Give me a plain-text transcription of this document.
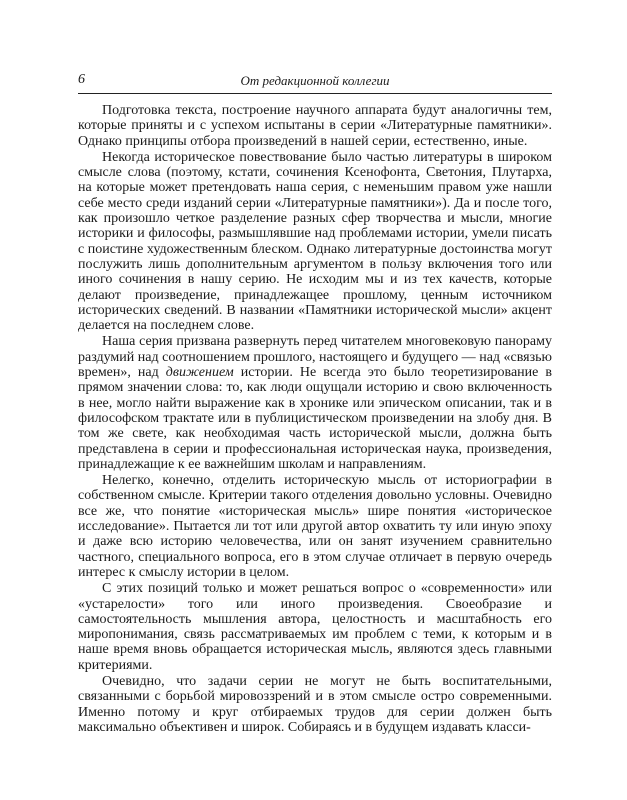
6	От редакционной коллегии

Подготовка текста, построение научного аппарата будут аналогичны тем, которые приняты и с успехом испытаны в серии «Литературные памятники». Однако принципы отбора произведений в нашей серии, естественно, иные.

Некогда историческое повествование было частью литературы в широком смысле слова (поэтому, кстати, сочинения Ксенофонта, Светония, Плутарха, на которые может претендовать наша серия, с неменьшим правом уже нашли себе место среди изданий серии «Литературные памятники»). Да и после того, как произошло четкое разделение разных сфер творчества и мысли, многие историки и философы, размышлявшие над проблемами истории, умели писать с поистине художественным блеском. Однако литературные достоинства могут послужить лишь дополнительным аргументом в пользу включения того или иного сочинения в нашу серию. Не исходим мы и из тех качеств, которые делают произведение, принадлежащее прошлому, ценным источником исторических сведений. В названии «Памятники исторической мысли» акцент делается на последнем слове.

Наша серия призвана развернуть перед читателем многовековую панораму раздумий над соотношением прошлого, настоящего и будущего — над «связью времен», над движением истории. Не всегда это было теоретизирование в прямом значении слова: то, как люди ощущали историю и свою включенность в нее, могло найти выражение как в хронике или эпическом описании, так и в философском трактате или в публицистическом произведении на злобу дня. В том же свете, как необходимая часть исторической мысли, должна быть представлена в серии и профессиональная историческая наука, произведения, принадлежащие к ее важнейшим школам и направлениям.

Нелегко, конечно, отделить историческую мысль от историографии в собственном смысле. Критерии такого отделения довольно условны. Очевидно все же, что понятие «историческая мысль» шире понятия «историческое исследование». Пытается ли тот или другой автор охватить ту или иную эпоху и даже всю историю человечества, или он занят изучением сравнительно частного, специального вопроса, его в этом случае отличает в первую очередь интерес к смыслу истории в целом.

С этих позиций только и может решаться вопрос о «современности» или «устарелости» того или иного произведения. Своеобразие и самостоятельность мышления автора, целостность и масштабность его миропонимания, связь рассматриваемых им проблем с теми, к которым и в наше время вновь обращается историческая мысль, являются здесь главными критериями.

Очевидно, что задачи серии не могут не быть воспитательными, связанными с борьбой мировоззрений и в этом смысле остро современными. Именно потому и круг отбираемых трудов для серии должен быть максимально объективен и широк. Собираясь и в будущем издавать класси-
